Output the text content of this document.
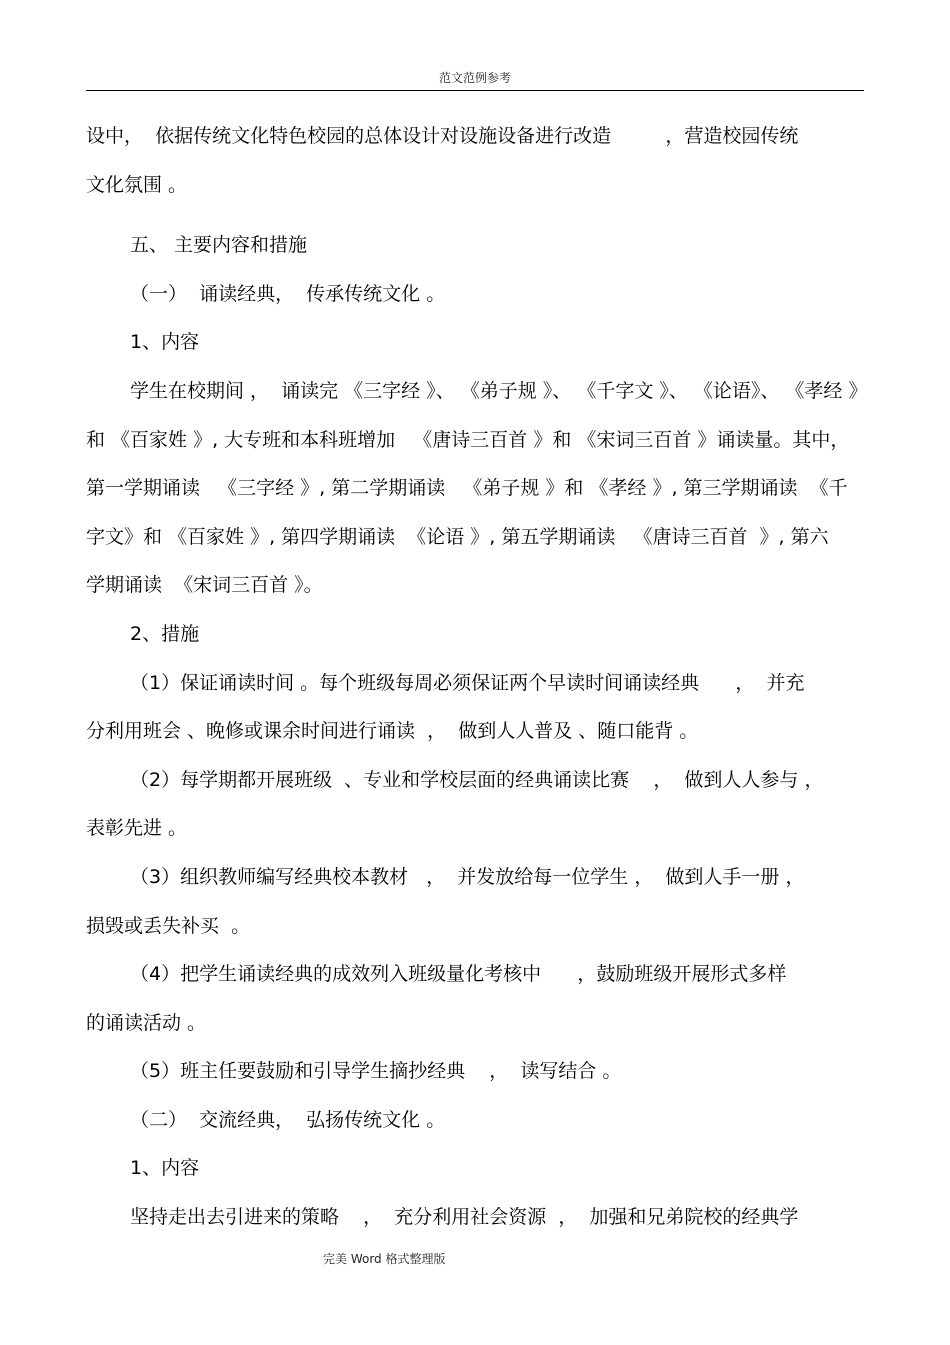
范文范例参考

设中，  依据传统文化特色校园的总体设计对设施设备进行改造         ，营造校园传统

文化氛围 。

五、 主要内容和措施

（一）  诵读经典，  传承传统文化 。

1、内容

学生在校期间 ，  诵读完 《三字经 》、 《弟子规 》、 《千字文 》、 《论语》、 《孝经 》

和 《百家姓 》, 大专班和本科班增加   《唐诗三百首 》和 《宋词三百首 》诵读量。其中，

第一学期诵读   《三字经 》, 第二学期诵读   《弟子规 》和 《孝经 》, 第三学期诵读  《千

字文》和 《百家姓 》, 第四学期诵读  《论语 》, 第五学期诵读   《唐诗三百首  》, 第六

学期诵读  《宋词三百首 》。

2、措施

（1）保证诵读时间 。每个班级每周必须保证两个早读时间诵读经典      ，  并充

分利用班会 、晚修或课余时间进行诵读  ，  做到人人普及 、随口能背 。

（2）每学期都开展班级  、专业和学校层面的经典诵读比赛    ，  做到人人参与 ，

表彰先进 。

（3）组织教师编写经典校本教材   ，  并发放给每一位学生 ，  做到人手一册 ，

损毁或丢失补买  。

（4）把学生诵读经典的成效列入班级量化考核中      ，鼓励班级开展形式多样

的诵读活动 。

（5）班主任要鼓励和引导学生摘抄经典    ，  读写结合 。

（二）  交流经典，  弘扬传统文化 。

1、内容

坚持走出去引进来的策略    ，  充分利用社会资源  ，  加强和兄弟院校的经典学

完美 Word 格式整理版
